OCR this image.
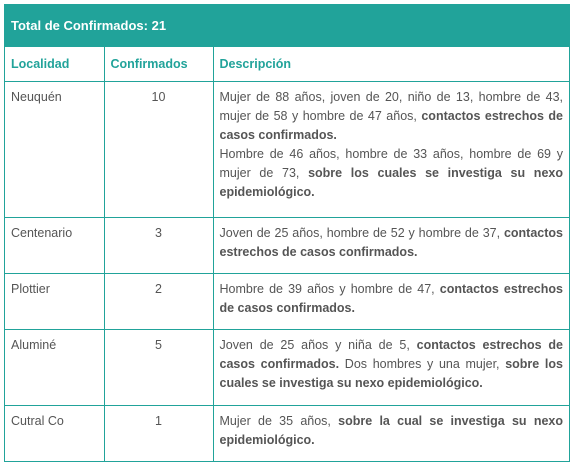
Total de Confirmados: 21
Localidad	Confirmados	Descripción
Neuquén	10	Mujer de 88 años, joven de 20, niño de 13, hombre de 43, mujer de 58 y hombre de 47 años, contactos estrechos de casos confirmados.
Hombre de 46 años, hombre de 33 años, hombre de 69 y mujer de 73, sobre los cuales se investiga su nexo epidemiológico.

Centenario	3	Joven de 25 años, hombre de 52 y hombre de 37, contactos estrechos de casos confirmados.
Plottier	2	Hombre de 39 años y hombre de 47, contactos estrechos de casos confirmados.
Aluminé	5	Joven de 25 años y niña de 5, contactos estrechos de casos confirmados. Dos hombres y una mujer, sobre los cuales se investiga su nexo epidemiológico.
Cutral Co	1	Mujer de 35 años, sobre la cual se investiga su nexo epidemiológico.
